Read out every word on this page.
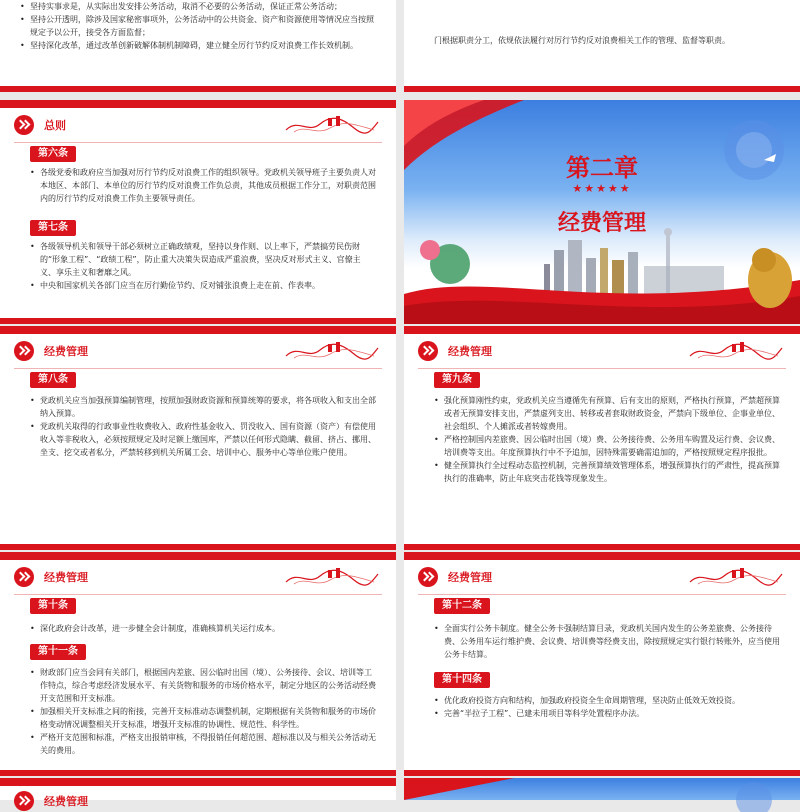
• 坚持实事求是，从实际出发安排公务活动，取消不必要的公务活动，保证正常公务活动；
• 坚持公开透明，除涉及国家秘密事项外，公务活动中的公共资金、资产和资源使用等情况应当按照规定予以公开，接受各方面监督；
• 坚持深化改革，通过改革创新破解体制机制障碍，建立健全厉行节约反对浪费工作长效机制。
门根据职责分工，依规依法履行对厉行节约反对浪费相关工作的管理、监督等职责。
总则
第六条
• 各级党委和政府应当加强对厉行节约反对浪费工作的组织领导。党政机关领导班子主要负责人对本地区、本部门、本单位的厉行节约反对浪费工作负总责，其他成员根据工作分工，对职责范围内的厉行节约反对浪费工作负主要领导责任。
第七条
• 各级领导机关和领导干部必须树立正确政绩观，坚持以身作则、以上率下，严禁搞劳民伤财的“形象工程”、“政绩工程”，防止重大决策失误造成严重浪费，坚决反对形式主义、官僚主义、享乐主义和奢靡之风。
• 中央和国家机关各部门应当在厉行勤俭节约、反对铺张浪费上走在前、作表率。
第二章
★★★★★
经费管理
经费管理
第八条
• 党政机关应当加强预算编制管理，按照加强财政资源和预算统筹的要求，将各项收入和支出全部纳入预算。
• 党政机关取得的行政事业性收费收入、政府性基金收入、罚没收入、国有资源（资产）有偿使用收入等非税收入，必须按照规定及时足额上缴国库，严禁以任何形式隐瞒、截留、挤占、挪用、坐支、挖交或者私分，严禁转移到机关所属工会、培训中心、服务中心等单位账户使用。
经费管理
第九条
• 强化预算刚性约束，党政机关应当遵循先有预算、后有支出的原则，严格执行预算，严禁超预算或者无预算安排支出，严禁虚列支出、转移或者套取财政资金，严禁向下级单位、企事业单位、社会组织、个人摊派或者转嫁费用。
• 严格控制国内差旅费、因公临时出国（境）费、公务接待费、公务用车购置及运行费、会议费、培训费等支出。年度预算执行中不予追加，因特殊需要确需追加的，严格按照规定程序报批。
• 健全预算执行全过程动态监控机制，完善预算绩效管理体系，增强预算执行的严肃性，提高预算执行的准确率，防止年底突击花钱等现象发生。
经费管理
第十条
• 深化政府会计改革，进一步健全会计制度，准确核算机关运行成本。
第十一条
• 财政部门应当会同有关部门，根据国内差旅、因公临时出国（境）、公务接待、会议、培训等工作特点，综合考虑经济发展水平、有关货物和服务的市场价格水平，制定分地区的公务活动经费开支范围和开支标准。
• 加强相关开支标准之间的衔接，完善开支标准动态调整机制，定期根据有关货物和服务的市场价格变动情况调整相关开支标准，增强开支标准的协调性、规范性、科学性。
• 严格开支范围和标准，严格支出报销审核，不得报销任何超范围、超标准以及与相关公务活动无关的费用。
经费管理
第十二条
• 全面实行公务卡制度。健全公务卡强制结算目录，党政机关国内发生的公务差旅费、公务接待费、公务用车运行维护费、会议费、培训费等经费支出，除按照规定实行银行转账外，应当使用公务卡结算。
第十四条
• 优化政府投资方向和结构，加强政府投资全生命周期管理，坚决防止低效无效投资。
• 完善“半拉子工程”、已建未用项目等科学处置程序办法。
经费管理
